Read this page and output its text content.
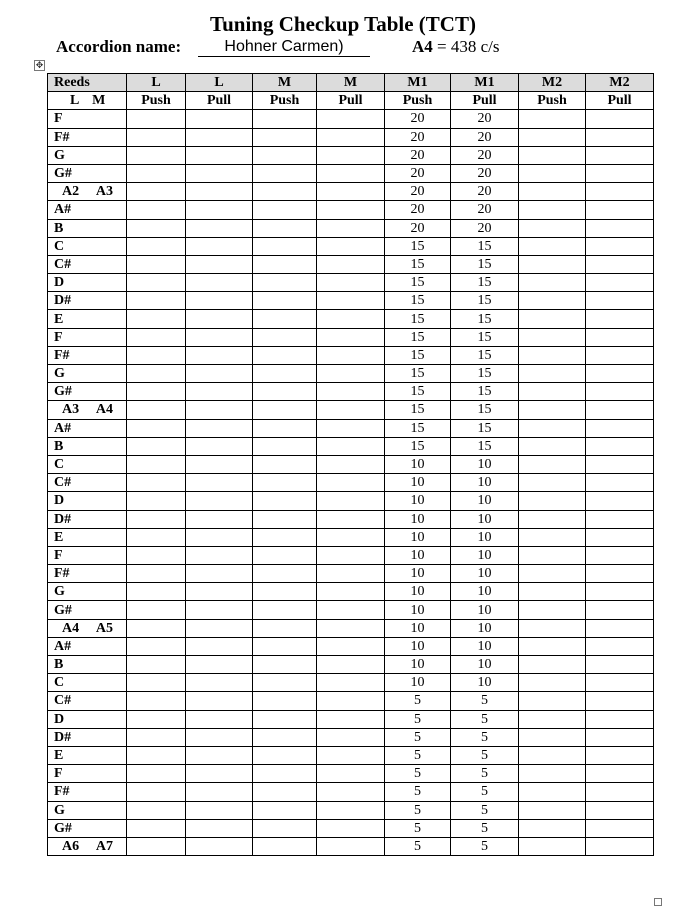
Tuning Checkup Table (TCT)
Accordion name:	Hohner Carmen)	A4 = 438 c/s
✥
Reeds	L	L	M	M	M1	M1	M2	M2
L M	Push	Pull	Push	Pull	Push	Pull	Push	Pull
F					20	20		
F#					20	20		
G					20	20		
G#					20	20		
A2 A3					20	20		
A#					20	20		
B					20	20		
C					15	15		
C#					15	15		
D					15	15		
D#					15	15		
E					15	15		
F					15	15		
F#					15	15		
G					15	15		
G#					15	15		
A3 A4					15	15		
A#					15	15		
B					15	15		
C					10	10		
C#					10	10		
D					10	10		
D#					10	10		
E					10	10		
F					10	10		
F#					10	10		
G					10	10		
G#					10	10		
A4 A5					10	10		
A#					10	10		
B					10	10		
C					10	10		
C#					5	5		
D					5	5		
D#					5	5		
E					5	5		
F					5	5		
F#					5	5		
G					5	5		
G#					5	5		
A6 A7					5	5		
